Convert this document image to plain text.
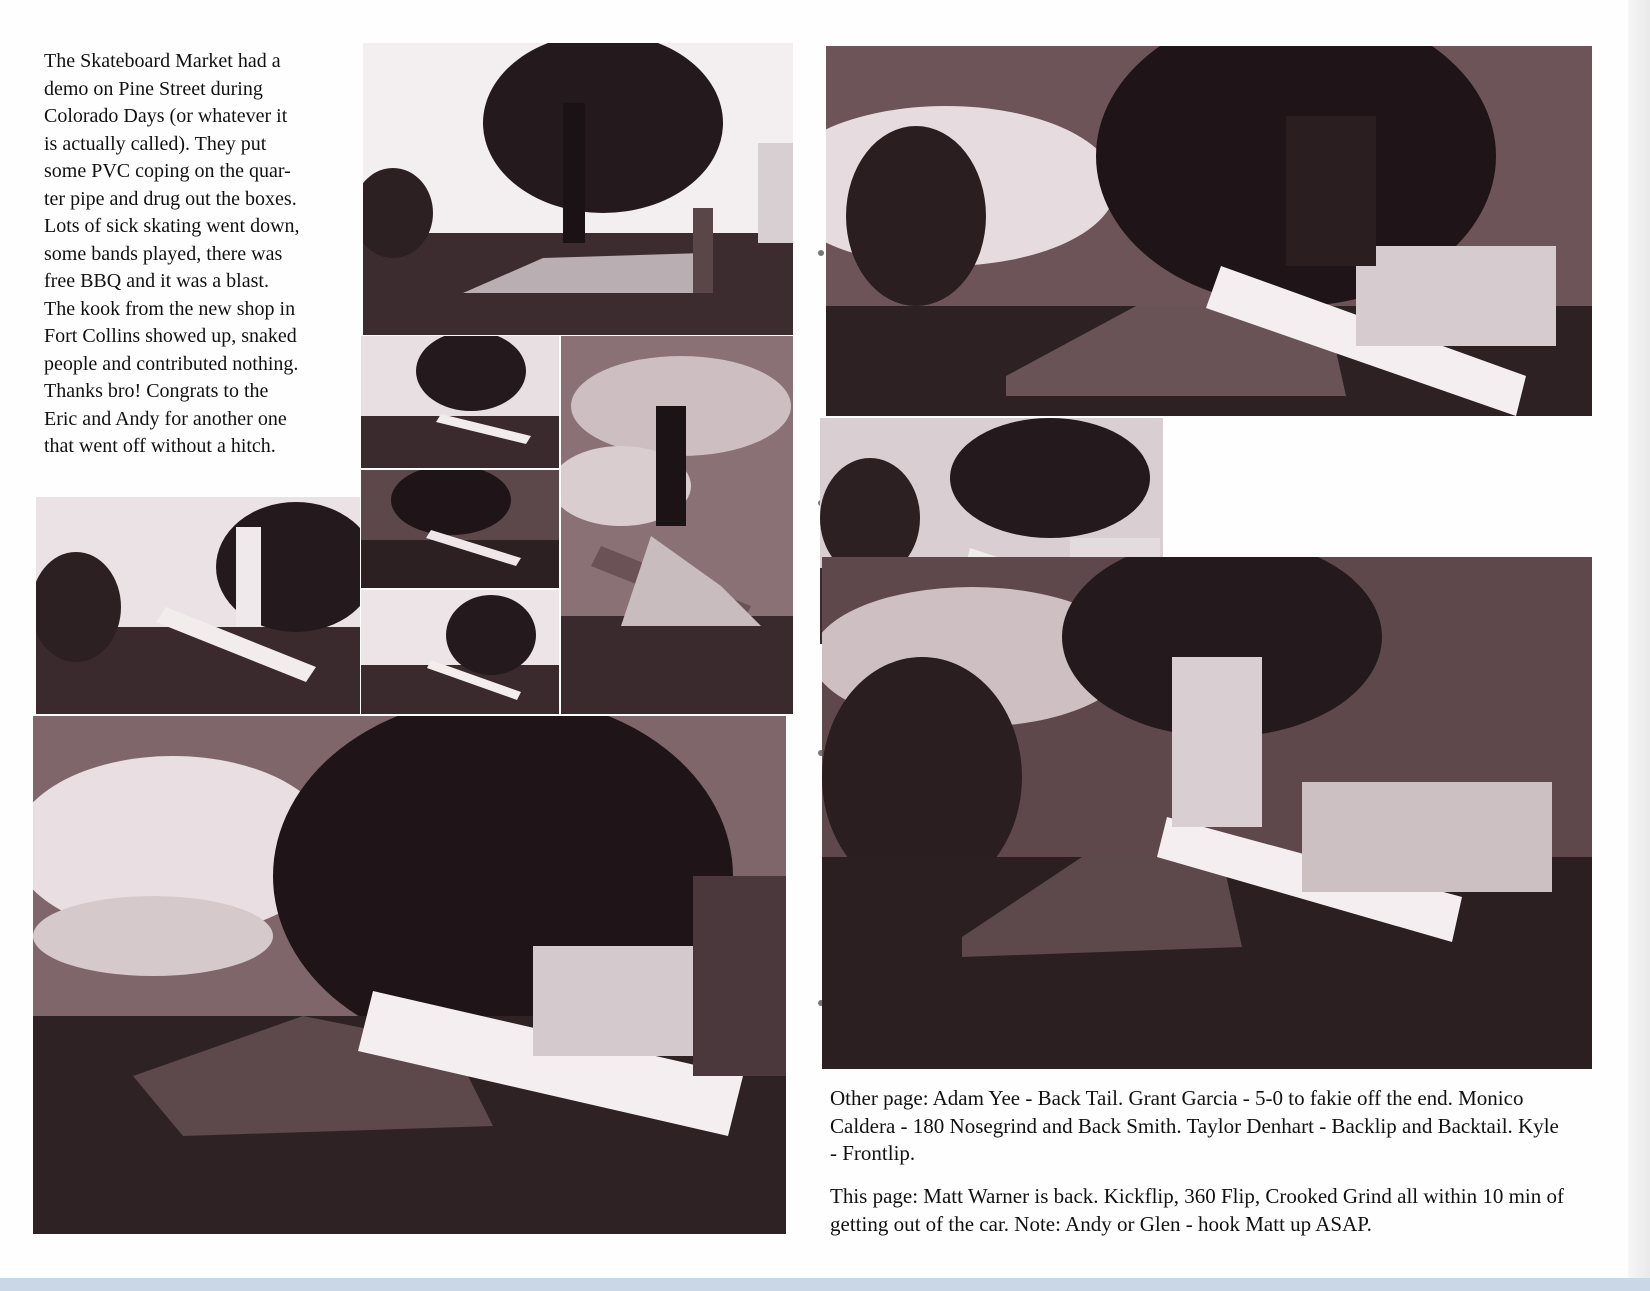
The Skateboard Market had a
demo on Pine Street during
Colorado Days (or whatever it
is actually called). They put
some PVC coping on the quar-
ter pipe and drug out the boxes.
Lots of sick skating went down,
some bands played, there was
free BBQ and it was a blast.
The kook from the new shop in
Fort Collins showed up, snaked
people and contributed nothing.
Thanks bro! Congrats to the
Eric and Andy for another one
that went off without a hitch.

Other page: Adam Yee - Back Tail. Grant Garcia - 5-0 to fakie off the end. Monico Caldera - 180 Nosegrind and Back Smith. Taylor Denhart - Backlip and Backtail. Kyle - Frontlip.

This page: Matt Warner is back. Kickflip, 360 Flip, Crooked Grind all within 10 min of getting out of the car. Note: Andy or Glen - hook Matt up ASAP.
